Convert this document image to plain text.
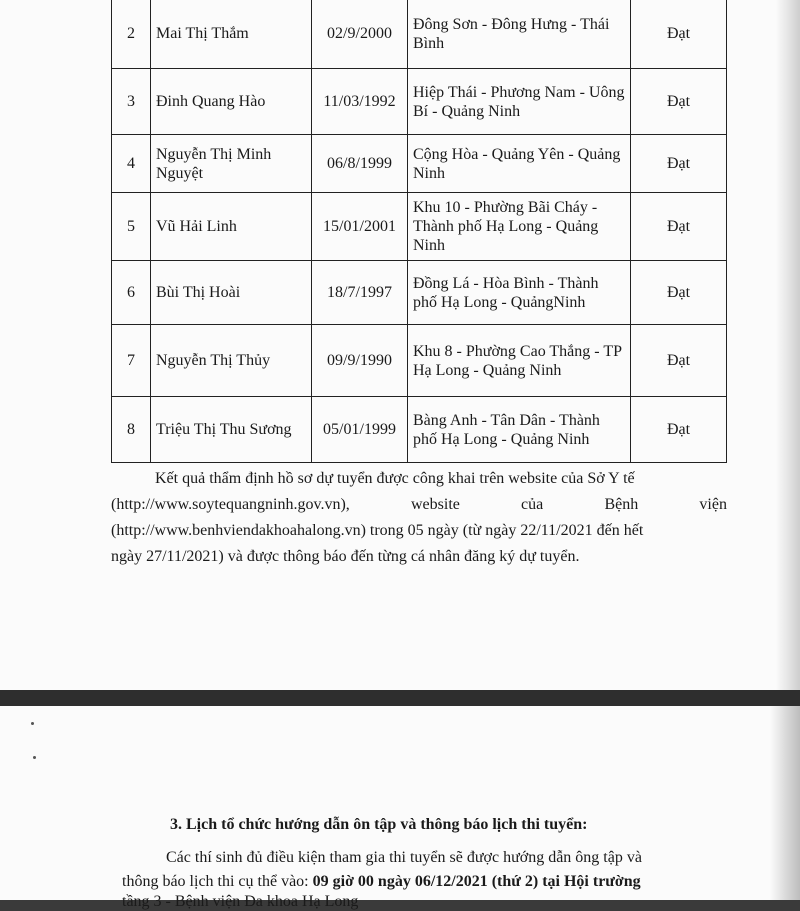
2	Mai Thị Thắm	02/9/2000	Đông Sơn - Đông Hưng - Thái Bình	Đạt
3	Đinh Quang Hào	11/03/1992	Hiệp Thái - Phương Nam - Uông Bí - Quảng Ninh	Đạt
4	Nguyễn Thị Minh Nguyệt	06/8/1999	Cộng Hòa - Quảng Yên - Quảng Ninh	Đạt
5	Vũ Hải Linh	15/01/2001	Khu 10 - Phường Bãi Cháy - Thành phố Hạ Long - Quảng Ninh	Đạt
6	Bùi Thị Hoài	18/7/1997	Đồng Lá - Hòa Bình - Thành phố Hạ Long - QuảngNinh	Đạt
7	Nguyễn Thị Thủy	09/9/1990	Khu 8 - Phường Cao Thắng - TP Hạ Long - Quảng Ninh	Đạt
8	Triệu Thị Thu Sương	05/01/1999	Bàng Anh - Tân Dân - Thành phố Hạ Long - Quảng Ninh	Đạt
Kết quả thẩm định hồ sơ dự tuyển được công khai trên website của Sở Y tế
(http://www.soytequangninh.gov.vn),	website	của	Bệnh	viện
(http://www.benhviendakhoahalong.vn) trong 05 ngày (từ ngày 22/11/2021 đến hết
ngày 27/11/2021) và được thông báo đến từng cá nhân đăng ký dự tuyển.
3. Lịch tổ chức hướng dẫn ôn tập và thông báo lịch thi tuyển:
Các thí sinh đủ điều kiện tham gia thi tuyển sẽ được hướng dẫn ông tập và
thông báo lịch thi cụ thể vào: 09 giờ 00 ngày 06/12/2021 (thứ 2) tại Hội trường
tầng 3 - Bệnh viện Đa khoa Hạ Long
